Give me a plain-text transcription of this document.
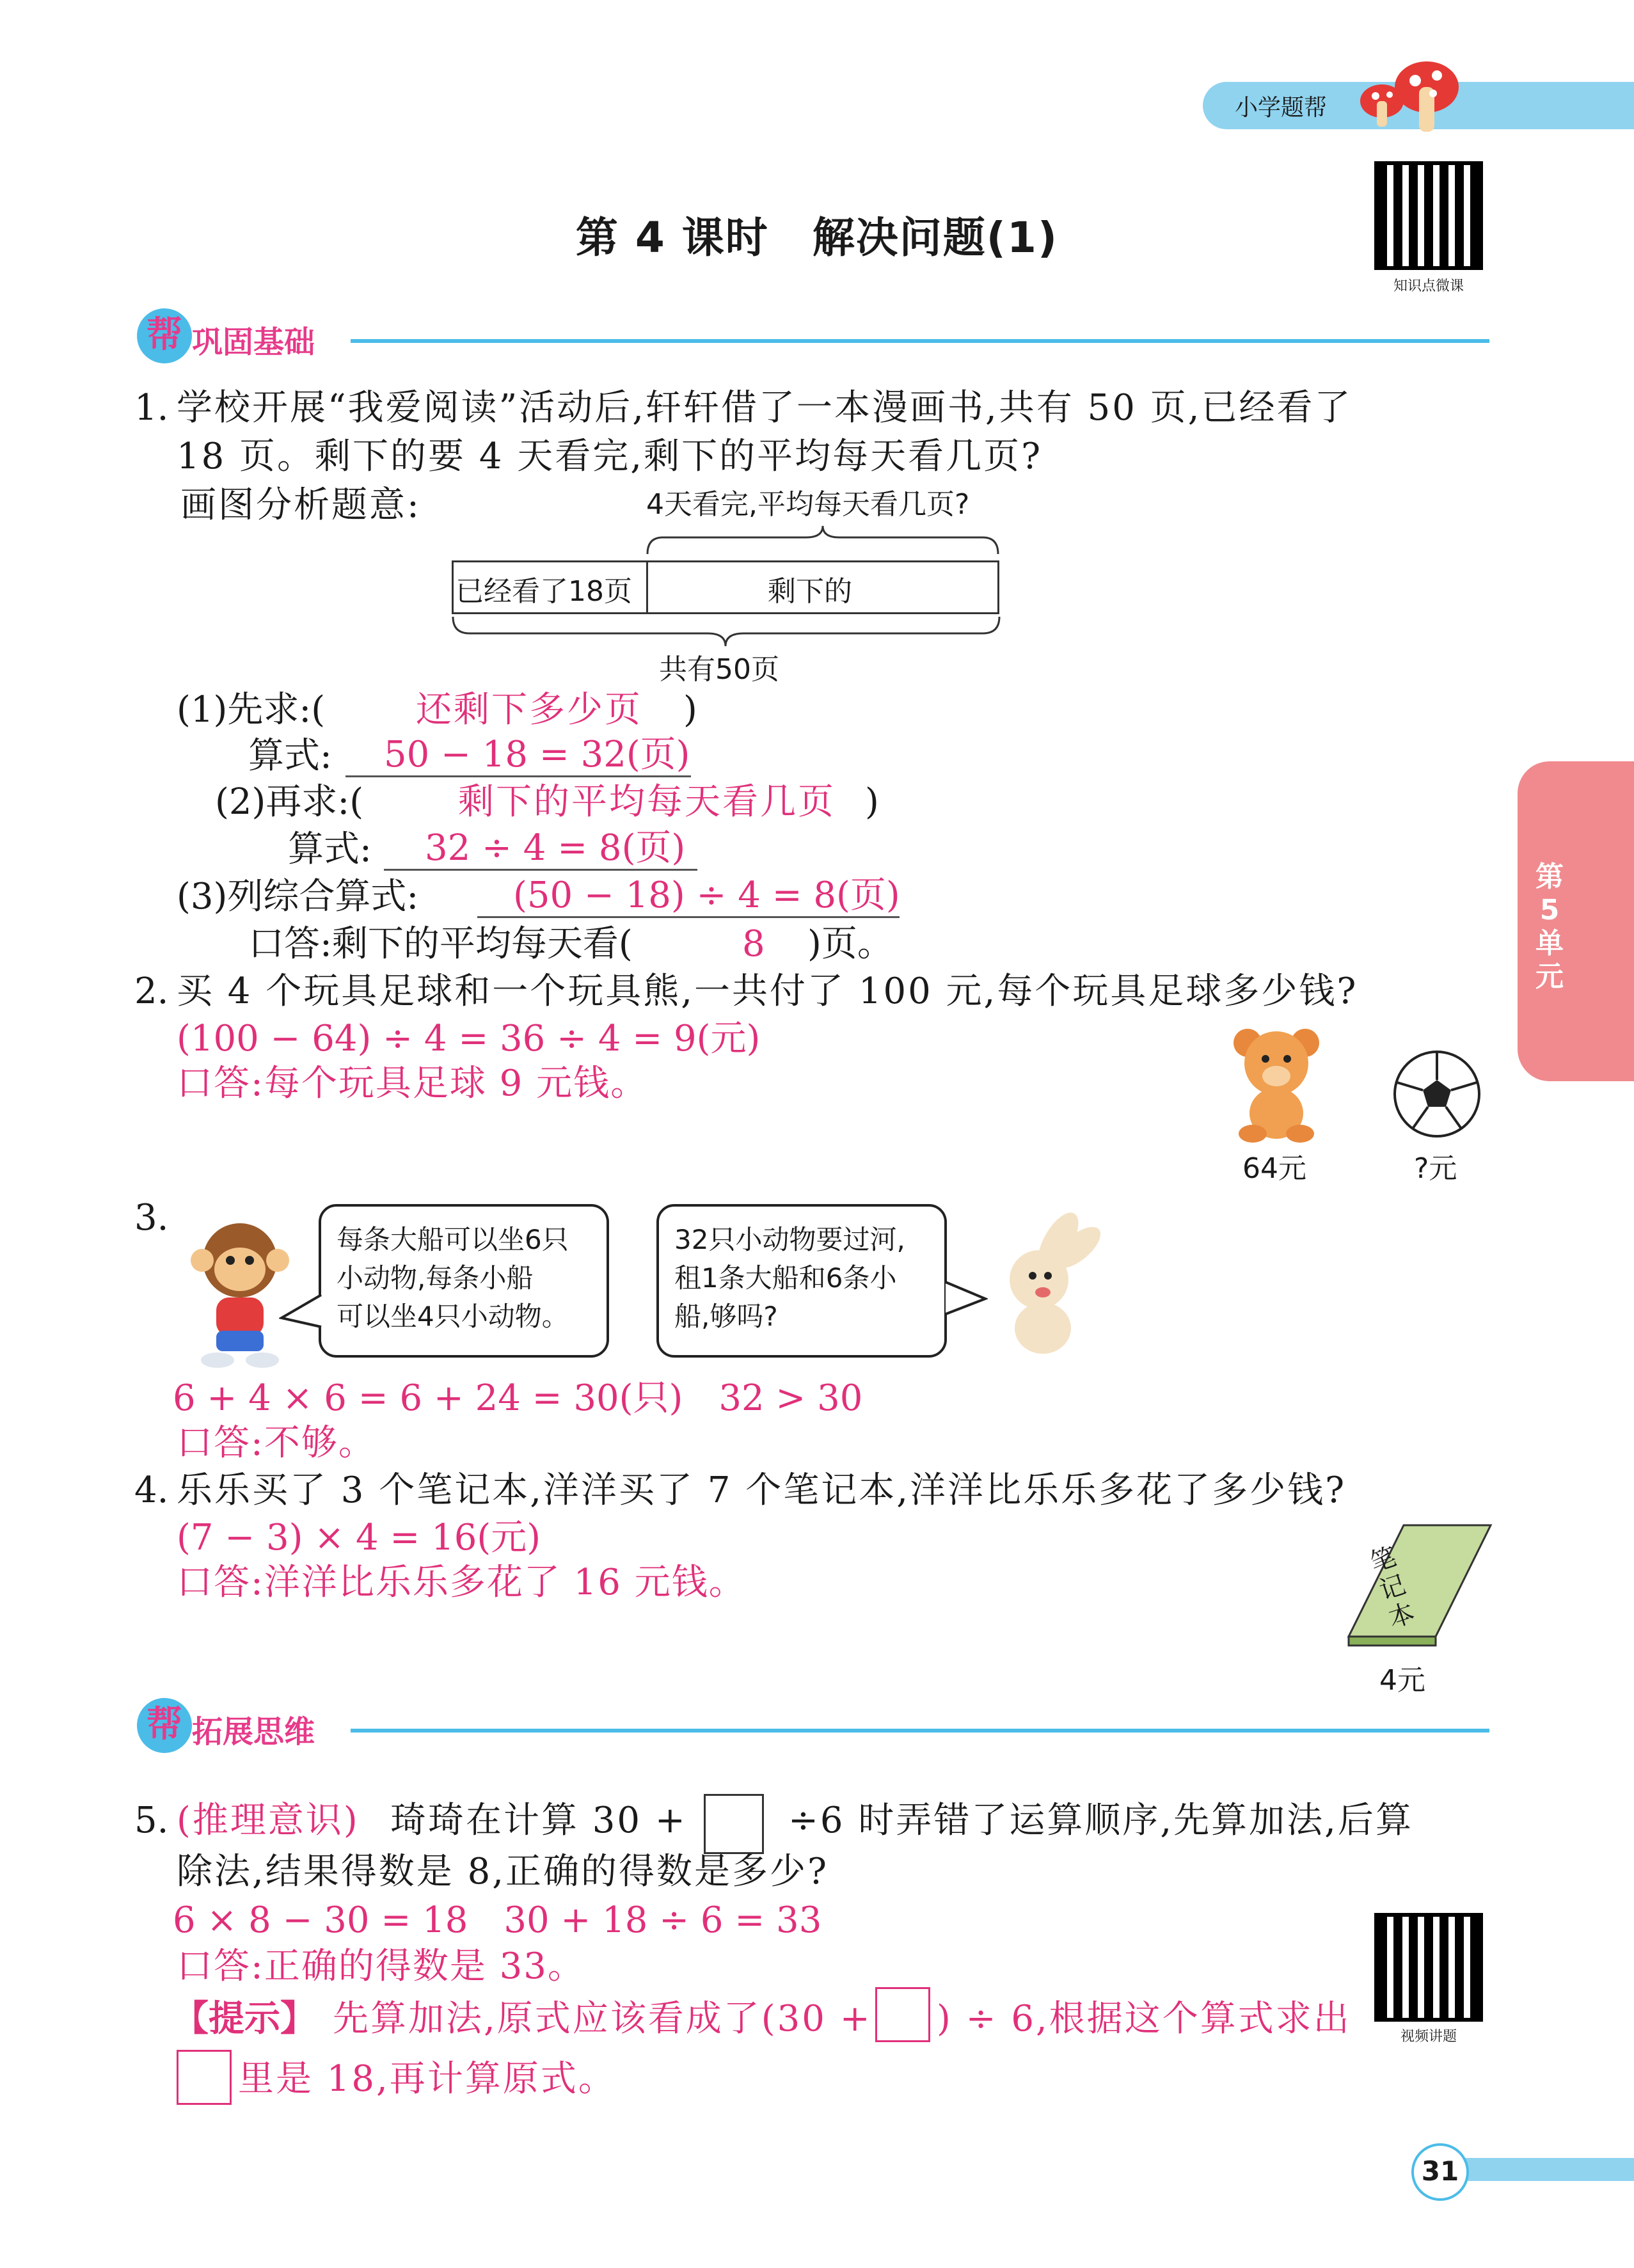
小学题帮
第 4 课时　解决问题(1)
知识点微课
帮 巩固基础
第5单元
1. 学校开展“我爱阅读”活动后,轩轩借了一本漫画书,共有 50 页,已经看了
18 页。剩下的要 4 天看完,剩下的平均每天看几页?
画图分析题意:	4天看完,平均每天看几页?
已经看了18页	剩下的
共有50页
(1)先求:(	还剩下多少页 )
算式: 50 − 18 = 32(页)
(2)再求:(	剩下的平均每天看几页 )
算式: 32 ÷ 4 = 8(页)
(3)列综合算式:	(50 − 18) ÷ 4 = 8(页)
口答:剩下的平均每天看(	8 )页。
2. 买 4 个玩具足球和一个玩具熊,一共付了 100 元,每个玩具足球多少钱?
(100 − 64) ÷ 4 = 36 ÷ 4 = 9(元)
口答:每个玩具足球 9 元钱。
64元	?元
3.
每条大船可以坐6只
小动物,每条小船
可以坐4只小动物。
32只小动物要过河,
租1条大船和6条小
船,够吗?
6 + 4 × 6 = 6 + 24 = 30(只)　32 > 30
口答:不够。
4. 乐乐买了 3 个笔记本,洋洋买了 7 个笔记本,洋洋比乐乐多花了多少钱?
(7 − 3) × 4 = 16(元)
口答:洋洋比乐乐多花了 16 元钱。
笔记本
4元
帮 拓展思维
5. (推理意识) 琦琦在计算 30 +	÷6 时弄错了运算顺序,先算加法,后算
除法,结果得数是 8,正确的得数是多少?
6 × 8 − 30 = 18　30 + 18 ÷ 6 = 33
口答:正确的得数是 33。
视频讲题
【提示】 先算加法,原式应该看成了(30 + ) ÷ 6,根据这个算式求出
里是 18,再计算原式。
31
